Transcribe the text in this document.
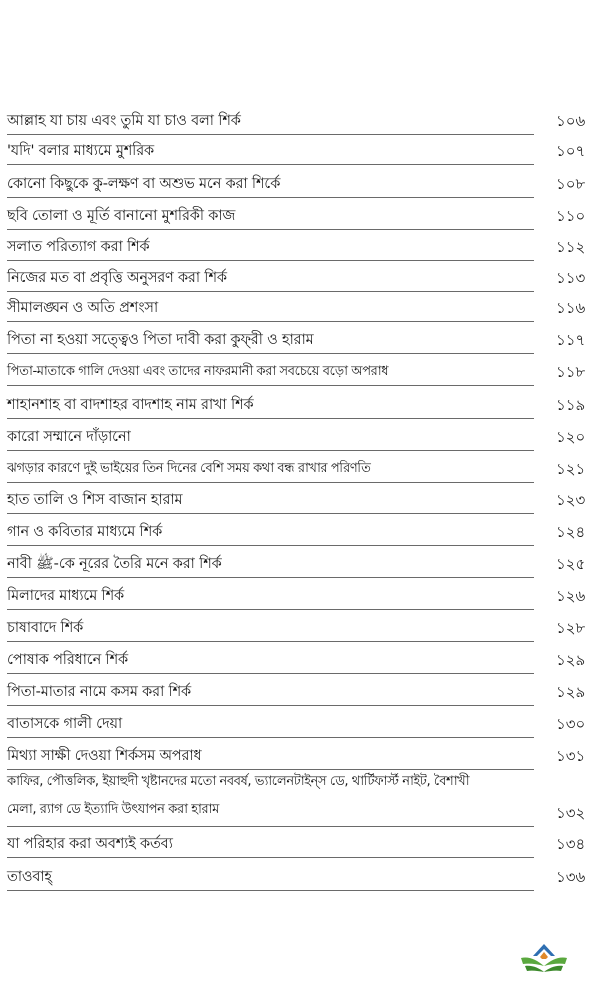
আল্লাহ যা চায় এবং তুমি যা চাও বলা শির্ক	১০৬
'যদি' বলার মাধ্যমে মুশরিক	১০৭
কোনো কিছুকে কু-লক্ষণ বা অশুভ মনে করা শির্কে	১০৮
ছবি তোলা ও মূর্তি বানানো মুশরিকী কাজ	১১০
সলাত পরিত্যাগ করা শির্ক	১১২
নিজের মত বা প্রবৃত্তি অনুসরণ করা শির্ক	১১৩
সীমালঙ্ঘন ও অতি প্রশংসা	১১৬
পিতা না হওয়া সত্ত্বেও পিতা দাবী করা কুফ্‌রী ও হারাম	১১৭
পিতা-মাতাকে গালি দেওয়া এবং তাদের নাফরমানী করা সবচেয়ে বড়ো অপরাধ	১১৮
শাহানশাহ বা বাদশাহর বাদশাহ নাম রাখা শির্ক	১১৯
কারো সম্মানে দাঁড়ানো	১২০
ঝগড়ার কারণে দুই ভাইয়ের তিন দিনের বেশি সময় কথা বন্ধ রাখার পরিণতি	১২১
হাত তালি ও শিস বাজান হারাম	১২৩
গান ও কবিতার মাধ্যমে শির্ক	১২৪
নাবী ﷺ-কে নূরের তৈরি মনে করা শির্ক	১২৫
মিলাদের মাধ্যমে শির্ক	১২৬
চাষাবাদে শির্ক	১২৮
পোষাক পরিধানে শির্ক	১২৯
পিতা-মাতার নামে কসম করা শির্ক	১২৯
বাতাসকে গালী দেয়া	১৩০
মিথ্যা সাক্ষী দেওয়া শির্কসম অপরাধ	১৩১
কাফির, পৌত্তলিক, ইয়াহুদী খৃষ্টানদের মতো নববর্ষ, ভ্যালেনটাইন্‌স ডে, থার্টিফার্স্ট নাইট, বৈশাখী মেলা, র‍্যাগ ডে ইত্যাদি উৎযাপন করা হারাম	১৩২
যা পরিহার করা অবশ্যই কর্তব্য	১৩৪
তাওবাহ্‌	১৩৬
